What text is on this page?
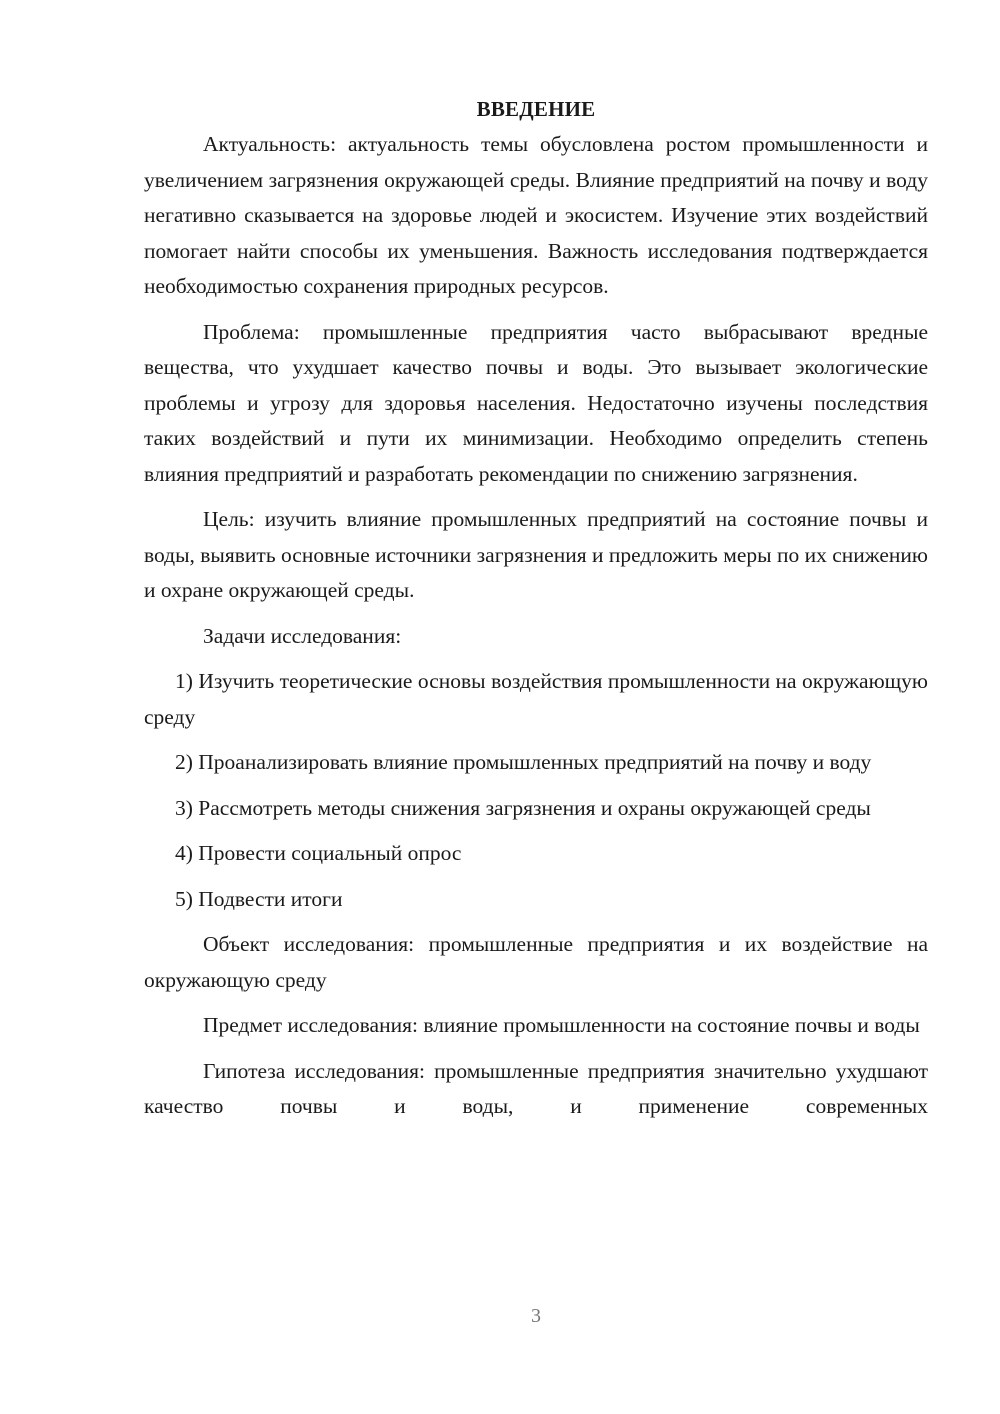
ВВЕДЕНИЕ

Актуальность: актуальность темы обусловлена ростом промышленности и увеличением загрязнения окружающей среды. Влияние предприятий на почву и воду негативно сказывается на здоровье людей и экосистем. Изучение этих воздействий помогает найти способы их уменьшения. Важность исследования подтверждается необходимостью сохранения природных ресурсов.

Проблема: промышленные предприятия часто выбрасывают вредные вещества, что ухудшает качество почвы и воды. Это вызывает экологические проблемы и угрозу для здоровья населения. Недостаточно изучены последствия таких воздействий и пути их минимизации. Необходимо определить степень влияния предприятий и разработать рекомендации по снижению загрязнения.

Цель: изучить влияние промышленных предприятий на состояние почвы и воды, выявить основные источники загрязнения и предложить меры по их снижению и охране окружающей среды.

Задачи исследования:

1) Изучить теоретические основы воздействия промышленности на окружающую среду

2) Проанализировать влияние промышленных предприятий на почву и воду

3) Рассмотреть методы снижения загрязнения и охраны окружающей среды

4) Провести социальный опрос

5) Подвести итоги

Объект исследования: промышленные предприятия и их воздействие на окружающую среду

Предмет исследования: влияние промышленности на состояние почвы и воды

Гипотеза исследования: промышленные предприятия значительно ухудшают качество почвы и воды, и применение современных

3
